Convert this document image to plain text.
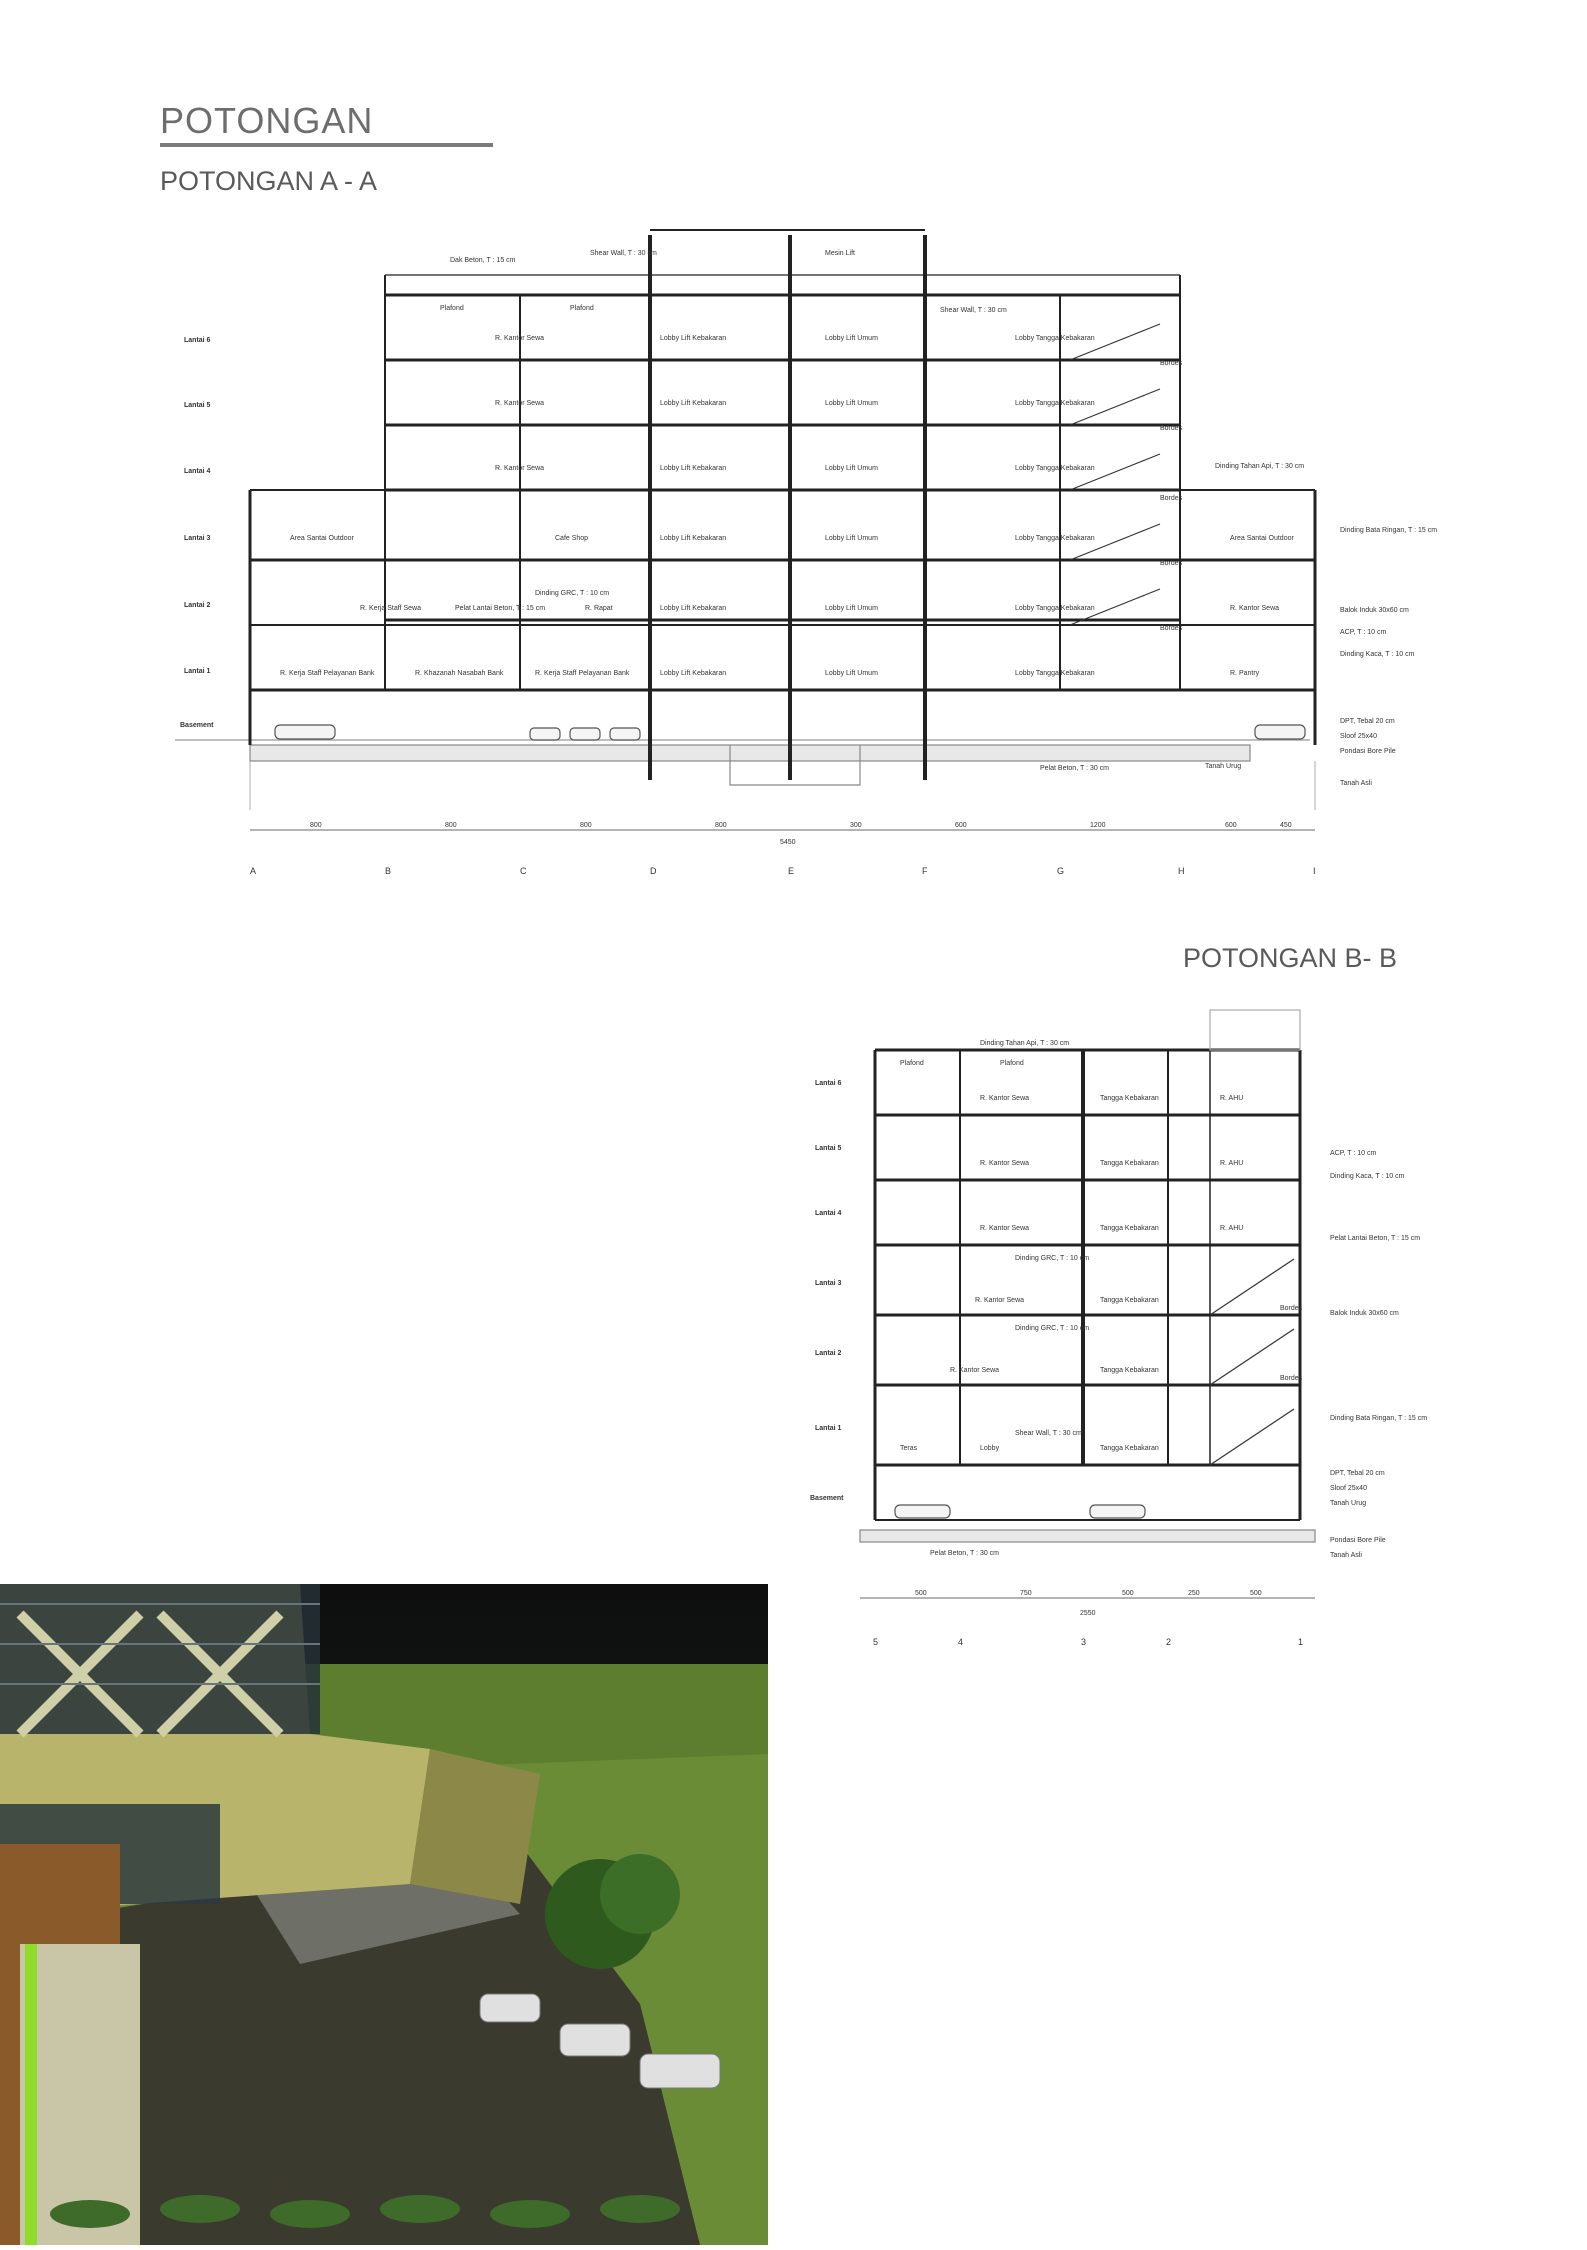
POTONGAN
POTONGAN A - A
POTONGAN B- B
Dak Beton, T : 15 cm
Shear Wall, T : 30 cm	Mesin Lift
Shear Wall, T : 30 cm
Dinding Tahan Api, T : 30 cm
Dinding Bata Ringan, T : 15 cm
Balok Induk 30x60 cm
ACP, T : 10 cm
Dinding Kaca, T : 10 cm
DPT, Tebal 20 cm
Sloof 25x40
Pondasi Bore Pile
Tanah Asli
Tanah Urug
Pelat Beton, T : 30 cm
Lantai 6
Lantai 5
Lantai 4
Lantai 3
Lantai 2
Lantai 1
Basement
Plafond	Plafond
R. Kantor Sewa	Lobby Lift Kebakaran	Lobby Lift Umum	Lobby Tangga Kebakaran
R. Kantor Sewa	Lobby Lift Kebakaran	Lobby Lift Umum	Lobby Tangga Kebakaran
R. Kantor Sewa	Lobby Lift Kebakaran	Lobby Lift Umum	Lobby Tangga Kebakaran
Area Santai Outdoor	Cafe Shop	Lobby Lift Kebakaran	Lobby Lift Umum	Lobby Tangga Kebakaran	Area Santai Outdoor
R. Kerja Staff Sewa	Pelat Lantai Beton, T : 15 cm
Dinding GRC, T : 10 cm
R. Rapat	Lobby Lift Kebakaran	Lobby Lift Umum	Lobby Tangga Kebakaran	R. Kantor Sewa
R. Kerja Staff Pelayanan Bank	R. Khazanah Nasabah Bank	R. Kerja Staff Pelayanan Bank	Lobby Lift Kebakaran	Lobby Lift Umum	Lobby Tangga Kebakaran	R. Pantry
Bordes
Bordes
Bordes
Bordes
Bordes
800	800	800	800	300	600	1200	600	450
5450
A	B	C	D	E	F	G	H	I
Dinding Tahan Api, T : 30 cm
ACP, T : 10 cm
Dinding Kaca, T : 10 cm
Pelat Lantai Beton, T : 15 cm
Balok Induk 30x60 cm
Dinding Bata Ringan, T : 15 cm
DPT, Tebal 20 cm
Sloof 25x40
Tanah Urug
Pondasi Bore Pile
Tanah Asli
Pelat Beton, T : 30 cm
Lantai 6
Lantai 5
Lantai 4
Lantai 3
Lantai 2
Lantai 1
Basement
Plafond	Plafond
R. Kantor Sewa	Tangga Kebakaran	R. AHU
R. Kantor Sewa	Tangga Kebakaran	R. AHU
R. Kantor Sewa	Tangga Kebakaran	R. AHU
Dinding GRC, T : 10 cm
R. Kantor Sewa	Tangga Kebakaran
Dinding GRC, T : 10 cm
R. Kantor Sewa	Tangga Kebakaran
Teras	Lobby
Shear Wall, T : 30 cm
Tangga Kebakaran
Bordes
Bordes
500	750	500	250	500
2550
5	4	3	2	1
